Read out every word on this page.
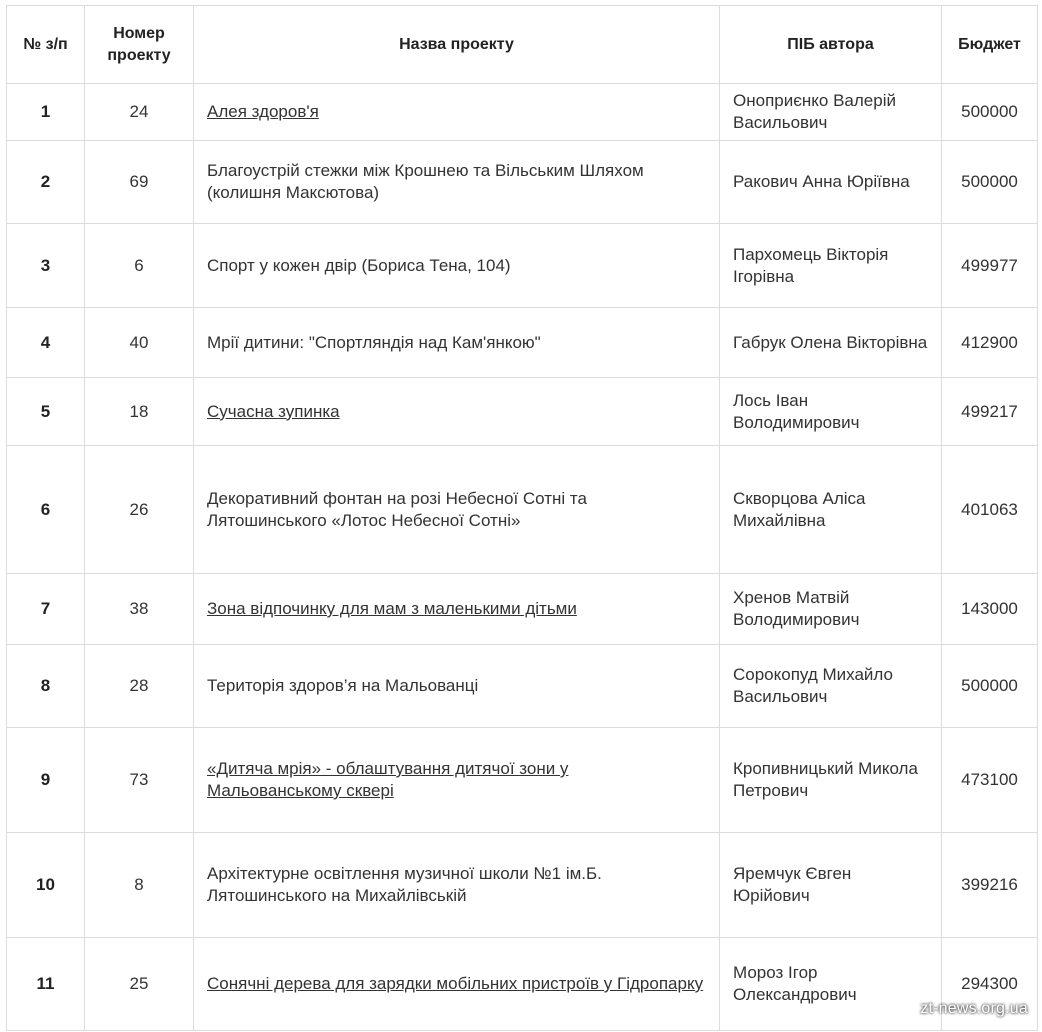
№ з/п	Номер проекту	Назва проекту	ПІБ автора	Бюджет
1	24	Алея здоров'я	Оноприєнко Валерій Васильович	500000
2	69	Благоустрій стежки між Крошнею та Вільським Шляхом (колишня Максютова)	Ракович Анна Юріївна	500000
3	6	Спорт у кожен двір (Бориса Тена, 104)	Пархомець Вікторія Ігорівна	499977
4	40	Мрії дитини: "Спортляндія над Кам'янкою"	Габрук Олена Вікторівна	412900
5	18	Сучасна зупинка	Лось Іван Володимирович	499217
6	26	Декоративний фонтан на розі Небесної Сотні та Лятошинського «Лотос Небесної Сотні»	Скворцова Аліса Михайлівна	401063
7	38	Зона відпочинку для мам з маленькими дітьми	Хренов Матвій Володимирович	143000
8	28	Територія здоров’я на Мальованці	Сорокопуд Михайло Васильович	500000
9	73	«Дитяча мрія» - облаштування дитячої зони у Мальованському сквері	Кропивницький Микола Петрович	473100
10	8	Архітектурне освітлення музичної школи №1 ім.Б. Лятошинського на Михайлівській	Яремчук Євген Юрійович	399216
11	25	Сонячні дерева для зарядки мобільних пристроїв у Гідропарку	Мороз Ігор Олександрович	294300
zt-news.org.ua
